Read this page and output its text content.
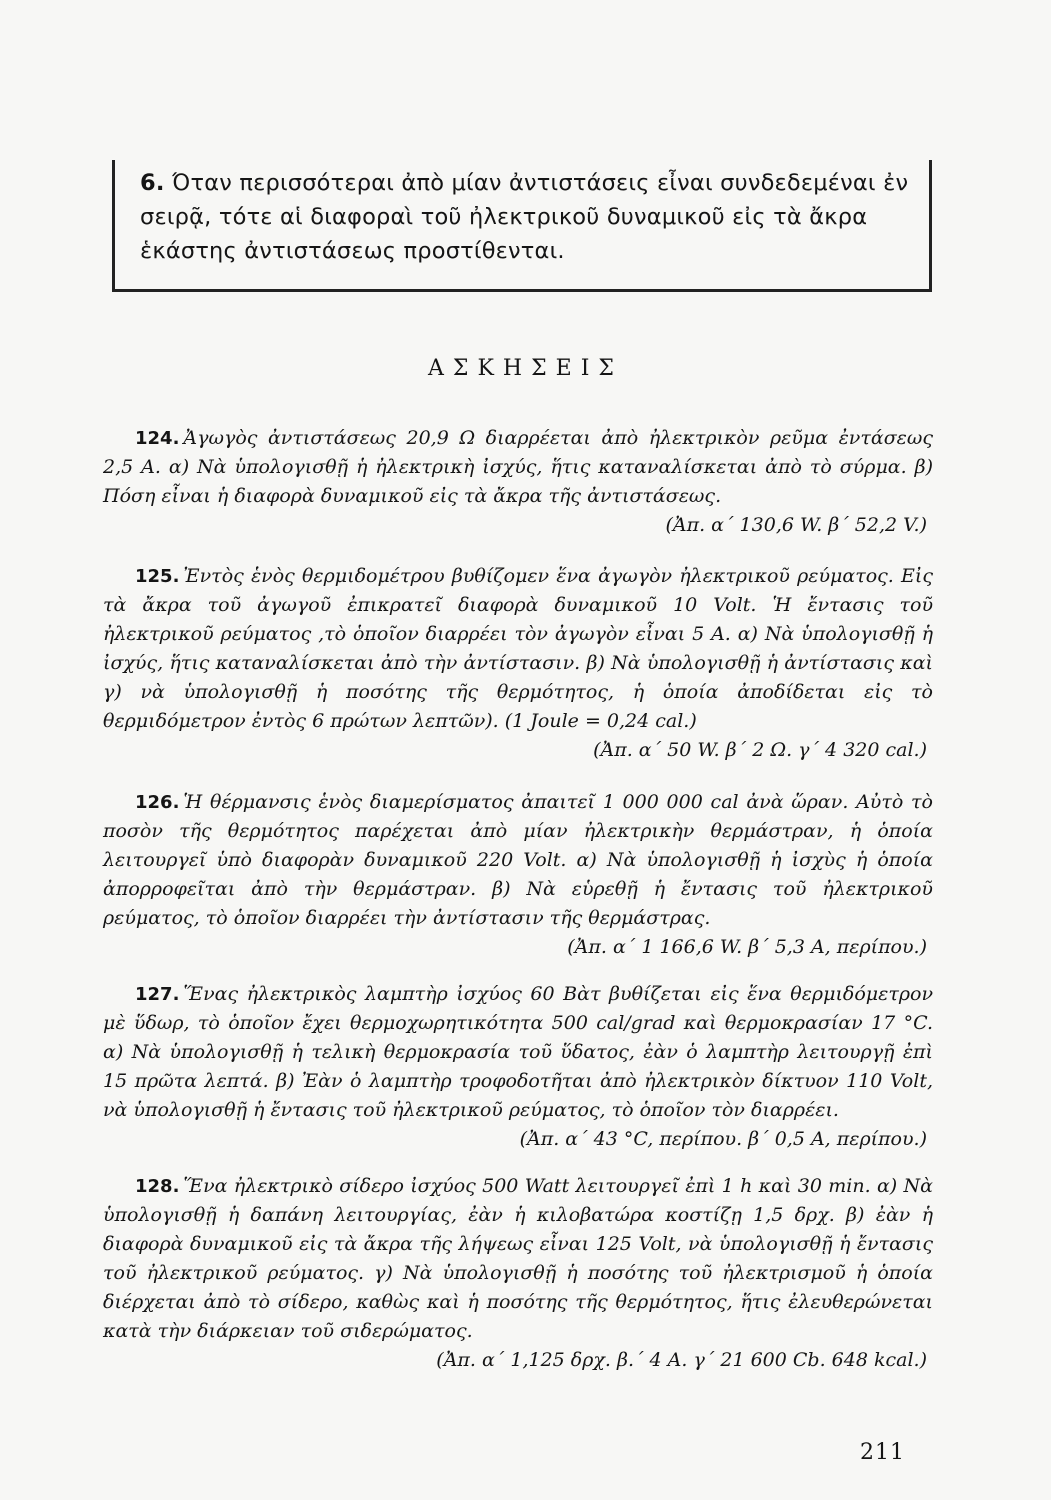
6. Όταν περισσότεραι ἀπὸ μίαν ἀντιστάσεις εἶναι συνδεδεμέναι ἐν σειρᾷ, τότε αἱ διαφοραὶ τοῦ ἠλεκτρικοῦ δυναμικοῦ εἰς τὰ ἄκρα ἑκάστης ἀντιστάσεως προστίθενται.
ΑΣΚΗΣΕΙΣ
124. Ἀγωγὸς ἀντιστάσεως 20,9 Ω διαρρέεται ἀπὸ ἠλεκτρικὸν ρεῦμα ἐντάσεως 2,5 Α. α) Νὰ ὑπολογισθῇ ἡ ἠλεκτρικὴ ἰσχύς, ἥτις καταναλίσκεται ἀπὸ τὸ σύρμα. β) Πόση εἶναι ἡ διαφορὰ δυναμικοῦ εἰς τὰ ἄκρα τῆς ἀντιστάσεως.
(Ἀπ. α΄ 130,6 W. β΄ 52,2 V.)
125. Ἐντὸς ἑνὸς θερμιδομέτρου βυθίζομεν ἕνα ἀγωγὸν ἠλεκτρικοῦ ρεύματος. Εἰς τὰ ἄκρα τοῦ ἀγωγοῦ ἐπικρατεῖ διαφορὰ δυναμικοῦ 10 Volt. Ἡ ἔντασις τοῦ ἠλεκτρικοῦ ρεύματος ,τὸ ὁποῖον διαρρέει τὸν ἀγωγὸν εἶναι 5 Α. α) Νὰ ὑπολογισθῇ ἡ ἰσχύς, ἥτις καταναλίσκεται ἀπὸ τὴν ἀντίστασιν. β) Νὰ ὑπολογισθῇ ἡ ἀντίστασις καὶ γ) νὰ ὑπολογισθῇ ἡ ποσότης τῆς θερμότητος, ἡ ὁποία ἀποδίδεται εἰς τὸ θερμιδόμετρον ἐντὸς 6 πρώτων λεπτῶν). (1 Joule = 0,24 cal.)
(Ἀπ. α΄ 50 W. β΄ 2 Ω. γ΄ 4 320 cal.)
126. Ἡ θέρμανσις ἑνὸς διαμερίσματος ἀπαιτεῖ 1 000 000 cal ἀνὰ ὥραν. Αὐτὸ τὸ ποσὸν τῆς θερμότητος παρέχεται ἀπὸ μίαν ἠλεκτρικὴν θερμάστραν, ἡ ὁποία λειτουργεῖ ὑπὸ διαφορὰν δυναμικοῦ 220 Volt. α) Νὰ ὑπολογισθῇ ἡ ἰσχὺς ἡ ὁποία ἀπορροφεῖται ἀπὸ τὴν θερμάστραν. β) Νὰ εὑρεθῇ ἡ ἔντασις τοῦ ἠλεκτρικοῦ ρεύματος, τὸ ὁποῖον διαρρέει τὴν ἀντίστασιν τῆς θερμάστρας.
(Ἀπ. α΄ 1 166,6 W. β΄ 5,3 Α, περίπου.)
127. Ἕνας ἠλεκτρικὸς λαμπτὴρ ἰσχύος 60 Βὰτ βυθίζεται εἰς ἕνα θερμιδόμετρον μὲ ὕδωρ, τὸ ὁποῖον ἔχει θερμοχωρητικότητα 500 cal/grad καὶ θερμοκρασίαν 17 °C. α) Νὰ ὑπολογισθῇ ἡ τελικὴ θερμοκρασία τοῦ ὕδατος, ἐὰν ὁ λαμπτὴρ λειτουργῇ ἐπὶ 15 πρῶτα λεπτά. β) Ἐὰν ὁ λαμπτὴρ τροφοδοτῆται ἀπὸ ἠλεκτρικὸν δίκτυον 110 Volt, νὰ ὑπολογισθῇ ἡ ἔντασις τοῦ ἠλεκτρικοῦ ρεύματος, τὸ ὁποῖον τὸν διαρρέει.
(Ἀπ. α΄ 43 °C, περίπου. β΄ 0,5 Α, περίπου.)
128. Ἕνα ἠλεκτρικὸ σίδερο ἰσχύος 500 Watt λειτουργεῖ ἐπὶ 1 h καὶ 30 min. α) Νὰ ὑπολογισθῇ ἡ δαπάνη λειτουργίας, ἐὰν ἡ κιλοβατώρα κοστίζῃ 1,5 δρχ. β) ἐὰν ἡ διαφορὰ δυναμικοῦ εἰς τὰ ἄκρα τῆς λήψεως εἶναι 125 Volt, νὰ ὑπολογισθῇ ἡ ἔντασις τοῦ ἠλεκτρικοῦ ρεύματος. γ) Νὰ ὑπολογισθῇ ἡ ποσότης τοῦ ἠλεκτρισμοῦ ἡ ὁποία διέρχεται ἀπὸ τὸ σίδερο, καθὼς καὶ ἡ ποσότης τῆς θερμότητος, ἥτις ἐλευθερώνεται κατὰ τὴν διάρκειαν τοῦ σιδερώματος.
(Ἀπ. α΄ 1,125 δρχ. β.΄ 4 Α. γ΄ 21 600 Cb. 648 kcal.)
211
